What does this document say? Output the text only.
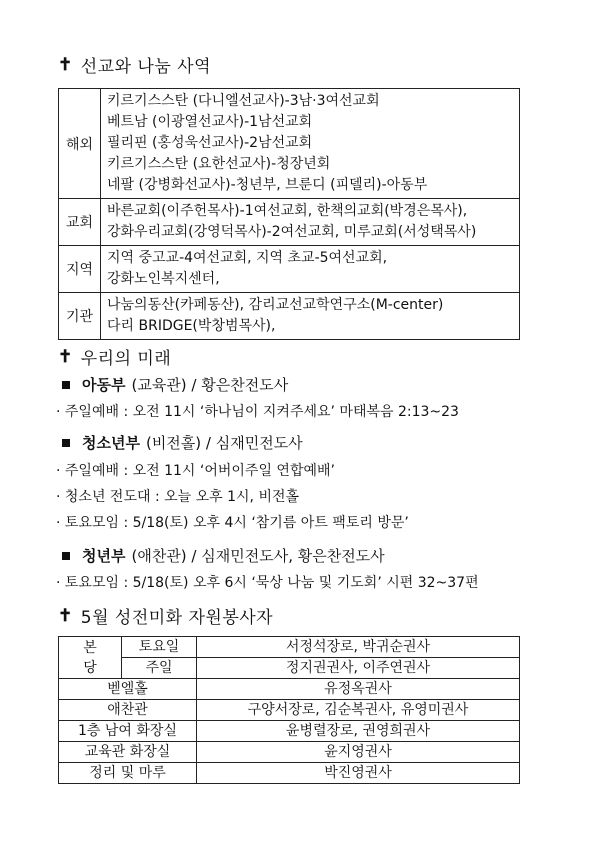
✝ 선교와 나눔 사역
해외	키르기스스탄 (다니엘선교사)-3남·3여선교회
베트남 (이광열선교사)-1남선교회
필리핀 (홍성욱선교사)-2남선교회
키르기스스탄 (요한선교사)-청장년회
네팔 (강병화선교사)-청년부, 브룬디 (피델리)-아동부

교회	바른교회(이주헌목사)-1여선교회, 한책의교회(박경은목사),
강화우리교회(강영덕목사)-2여선교회, 미루교회(서성택목사)

지역	지역 중고교-4여선교회, 지역 초교-5여선교회,
강화노인복지센터,

기관	나눔의동산(카페동산), 감리교선교학연구소(M-center)
다리 BRIDGE(박창범목사),
✝ 우리의 미래
아동부 (교육관) / 황은찬전도사
· 주일예배 : 오전 11시 ‘하나님이 지켜주세요’ 마태복음 2:13~23
청소년부 (비전홀) / 심재민전도사
· 주일예배 : 오전 11시 ‘어버이주일 연합예배’
· 청소년 전도대 : 오늘 오후 1시, 비전홀
· 토요모임 : 5/18(토) 오후 4시 ‘참기름 아트 팩토리 방문’
청년부 (애찬관) / 심재민전도사, 황은찬전도사
· 토요모임 : 5/18(토) 오후 6시 ‘묵상 나눔 및 기도회’ 시편 32~37편
✝ 5월 성전미화 자원봉사자
본
당	토요일	서정석장로, 박귀순권사
	주일	정지권권사, 이주연권사
벧엘홀		유정옥권사
애찬관		구양서장로, 김순복권사, 유영미권사
1층 남여 화장실		윤병렬장로, 권영희권사
교육관 화장실		윤지영권사
정리 및 마루		박진영권사
